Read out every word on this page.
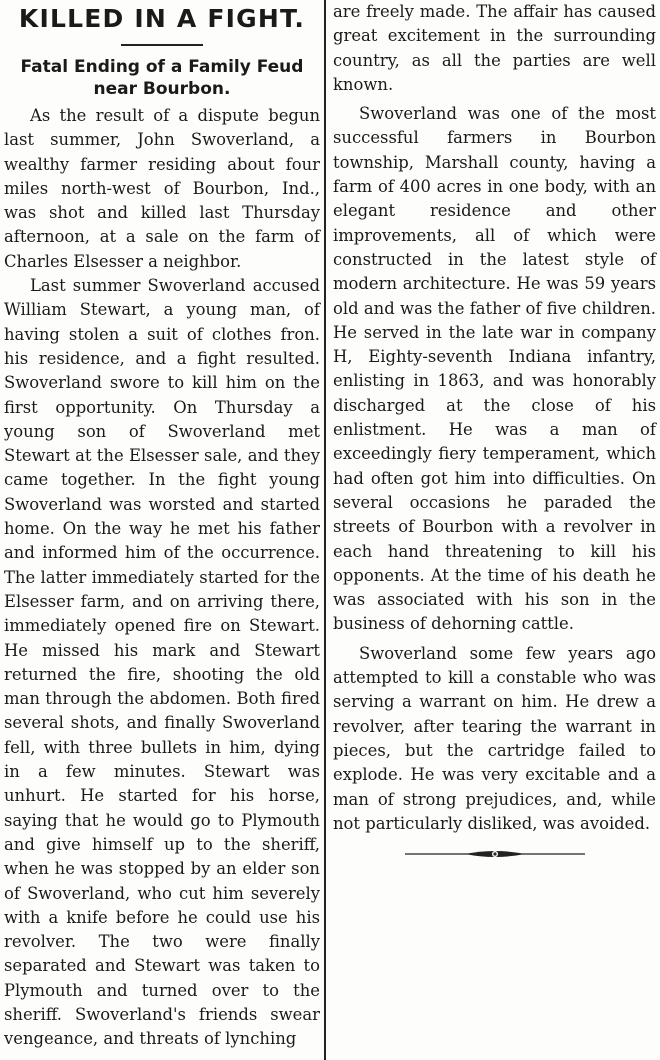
KILLED IN A FIGHT.
Fatal Ending of a Family Feud near Bourbon.

As the result of a dispute begun last summer, John Swoverland, a wealthy farmer residing about four miles north-west of Bourbon, Ind., was shot and killed last Thursday afternoon, at a sale on the farm of Charles Elsesser a neighbor.

Last summer Swoverland accused William Stewart, a young man, of having stolen a suit of clothes fron. his residence, and a fight resulted. Swoverland swore to kill him on the first opportunity. On Thursday a young son of Swoverland met Stewart at the Elsesser sale, and they came together. In the fight young Swoverland was worsted and started home. On the way he met his father and informed him of the occurrence. The latter immediately started for the Elsesser farm, and on arriving there, immediately opened fire on Stewart. He missed his mark and Stewart returned the fire, shooting the old man through the abdomen. Both fired several shots, and finally Swoverland fell, with three bullets in him, dying in a few minutes. Stewart was unhurt. He started for his horse, saying that he would go to Plymouth and give himself up to the sheriff, when he was stopped by an elder son of Swoverland, who cut him severely with a knife before he could use his revolver. The two were finally separated and Stewart was taken to Plymouth and turned over to the sheriff. Swoverland's friends swear vengeance, and threats of lynching

are freely made. The affair has caused great excitement in the surrounding country, as all the parties are well known.

Swoverland was one of the most successful farmers in Bourbon township, Marshall county, having a farm of 400 acres in one body, with an elegant residence and other improvements, all of which were constructed in the latest style of modern architecture. He was 59 years old and was the father of five children. He served in the late war in company H, Eighty-seventh Indiana infantry, enlisting in 1863, and was honorably discharged at the close of his enlistment. He was a man of exceedingly fiery temperament, which had often got him into difficulties. On several occasions he paraded the streets of Bourbon with a revolver in each hand threatening to kill his opponents. At the time of his death he was associated with his son in the business of dehorning cattle.

Swoverland some few years ago attempted to kill a constable who was serving a warrant on him. He drew a revolver, after tearing the warrant in pieces, but the cartridge failed to explode. He was very excitable and a man of strong prejudices, and, while not particularly disliked, was avoided.
